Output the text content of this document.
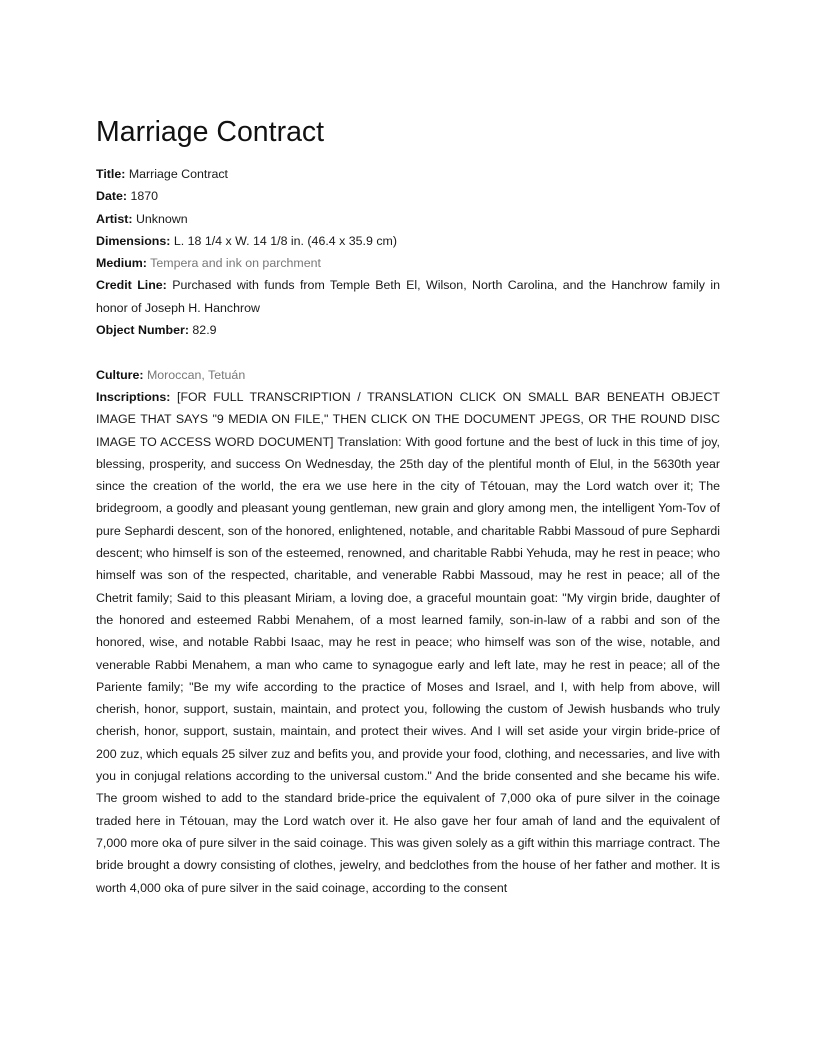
Marriage Contract

Title: Marriage Contract

Date: 1870

Artist: Unknown

Dimensions: L. 18 1/4 x W. 14 1/8 in. (46.4 x 35.9 cm)

Medium: Tempera and ink on parchment

Credit Line: Purchased with funds from Temple Beth El, Wilson, North Carolina, and the Hanchrow family in honor of Joseph H. Hanchrow

Object Number: 82.9

Culture: Moroccan, Tetuán

Inscriptions: [FOR FULL TRANSCRIPTION / TRANSLATION CLICK ON SMALL BAR BENEATH OBJECT IMAGE THAT SAYS "9 MEDIA ON FILE," THEN CLICK ON THE DOCUMENT JPEGS, OR THE ROUND DISC IMAGE TO ACCESS WORD DOCUMENT] Translation: With good fortune and the best of luck in this time of joy, blessing, prosperity, and success On Wednesday, the 25th day of the plentiful month of Elul, in the 5630th year since the creation of the world, the era we use here in the city of Tétouan, may the Lord watch over it; The bridegroom, a goodly and pleasant young gentleman, new grain and glory among men, the intelligent Yom-Tov of pure Sephardi descent, son of the honored, enlightened, notable, and charitable Rabbi Massoud of pure Sephardi descent; who himself is son of the esteemed, renowned, and charitable Rabbi Yehuda, may he rest in peace; who himself was son of the respected, charitable, and venerable Rabbi Massoud, may he rest in peace; all of the Chetrit family; Said to this pleasant Miriam, a loving doe, a graceful mountain goat: "My virgin bride, daughter of the honored and esteemed Rabbi Menahem, of a most learned family, son-in-law of a rabbi and son of the honored, wise, and notable Rabbi Isaac, may he rest in peace; who himself was son of the wise, notable, and venerable Rabbi Menahem, a man who came to synagogue early and left late, may he rest in peace; all of the Pariente family; "Be my wife according to the practice of Moses and Israel, and I, with help from above, will cherish, honor, support, sustain, maintain, and protect you, following the custom of Jewish husbands who truly cherish, honor, support, sustain, maintain, and protect their wives. And I will set aside your virgin bride-price of 200 zuz, which equals 25 silver zuz and befits you, and provide your food, clothing, and necessaries, and live with you in conjugal relations according to the universal custom." And the bride consented and she became his wife. The groom wished to add to the standard bride-price the equivalent of 7,000 oka of pure silver in the coinage traded here in Tétouan, may the Lord watch over it. He also gave her four amah of land and the equivalent of 7,000 more oka of pure silver in the said coinage. This was given solely as a gift within this marriage contract. The bride brought a dowry consisting of clothes, jewelry, and bedclothes from the house of her father and mother. It is worth 4,000 oka of pure silver in the said coinage, according to the consent
